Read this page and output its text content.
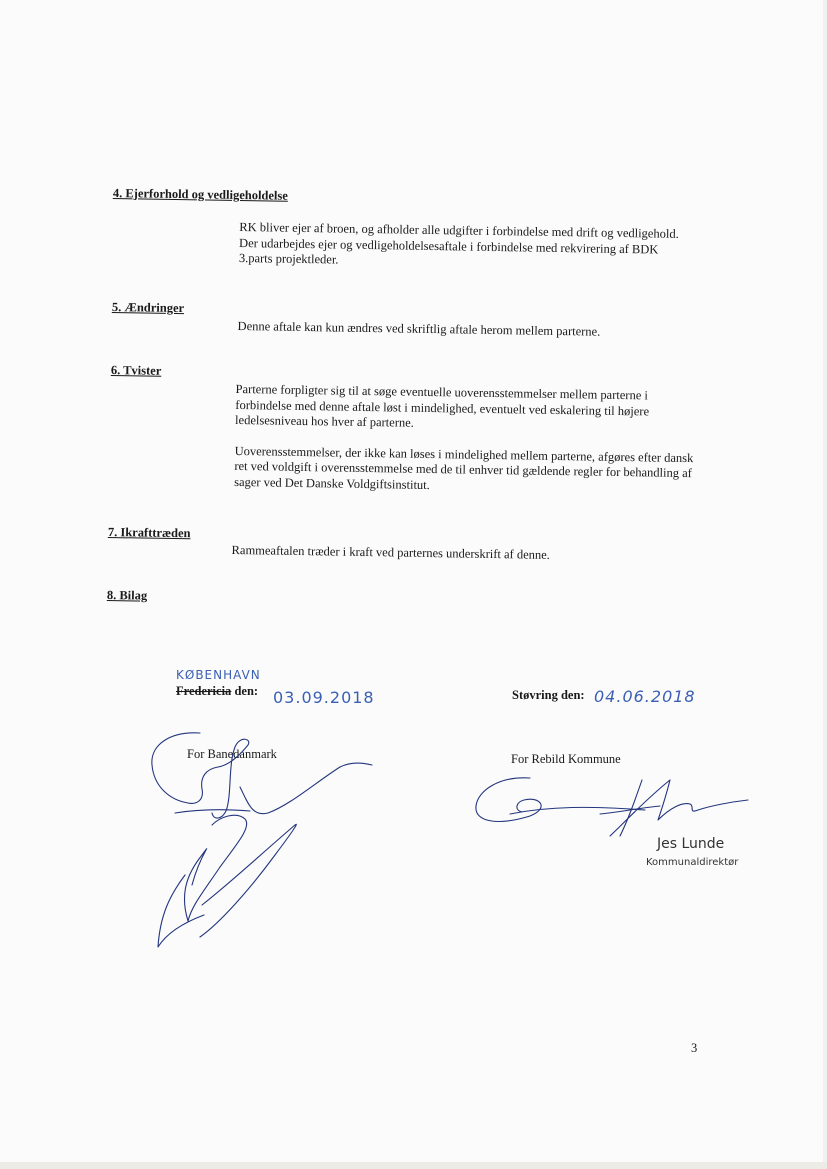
4. Ejerforhold og vedligeholdelse
RK bliver ejer af broen, og afholder alle udgifter i forbindelse med drift og vedligehold.
Der udarbejdes ejer og vedligeholdelsesaftale i forbindelse med rekvirering af BDK 3.parts projektleder.
5. Ændringer
Denne aftale kan kun ændres ved skriftlig aftale herom mellem parterne.
6. Tvister
Parterne forpligter sig til at søge eventuelle uoverensstemmelser mellem parterne i forbindelse med denne aftale løst i mindelighed, eventuelt ved eskalering til højere ledelsesniveau hos hver af parterne.
Uoverensstemmelser, der ikke kan løses i mindelighed mellem parterne, afgøres efter dansk ret ved voldgift i overensstemmelse med de til enhver tid gældende regler for behandling af sager ved Det Danske Voldgiftsinstitut.
7. Ikrafttræden
Rammeaftalen træder i kraft ved parternes underskrift af denne.
8. Bilag
KØBENHAVN
Fredericia den: 03.09.2018
For Banedanmark
Støvring den: 04.06.2018
For Rebild Kommune
Jes Lunde
Kommunaldirektør
3
